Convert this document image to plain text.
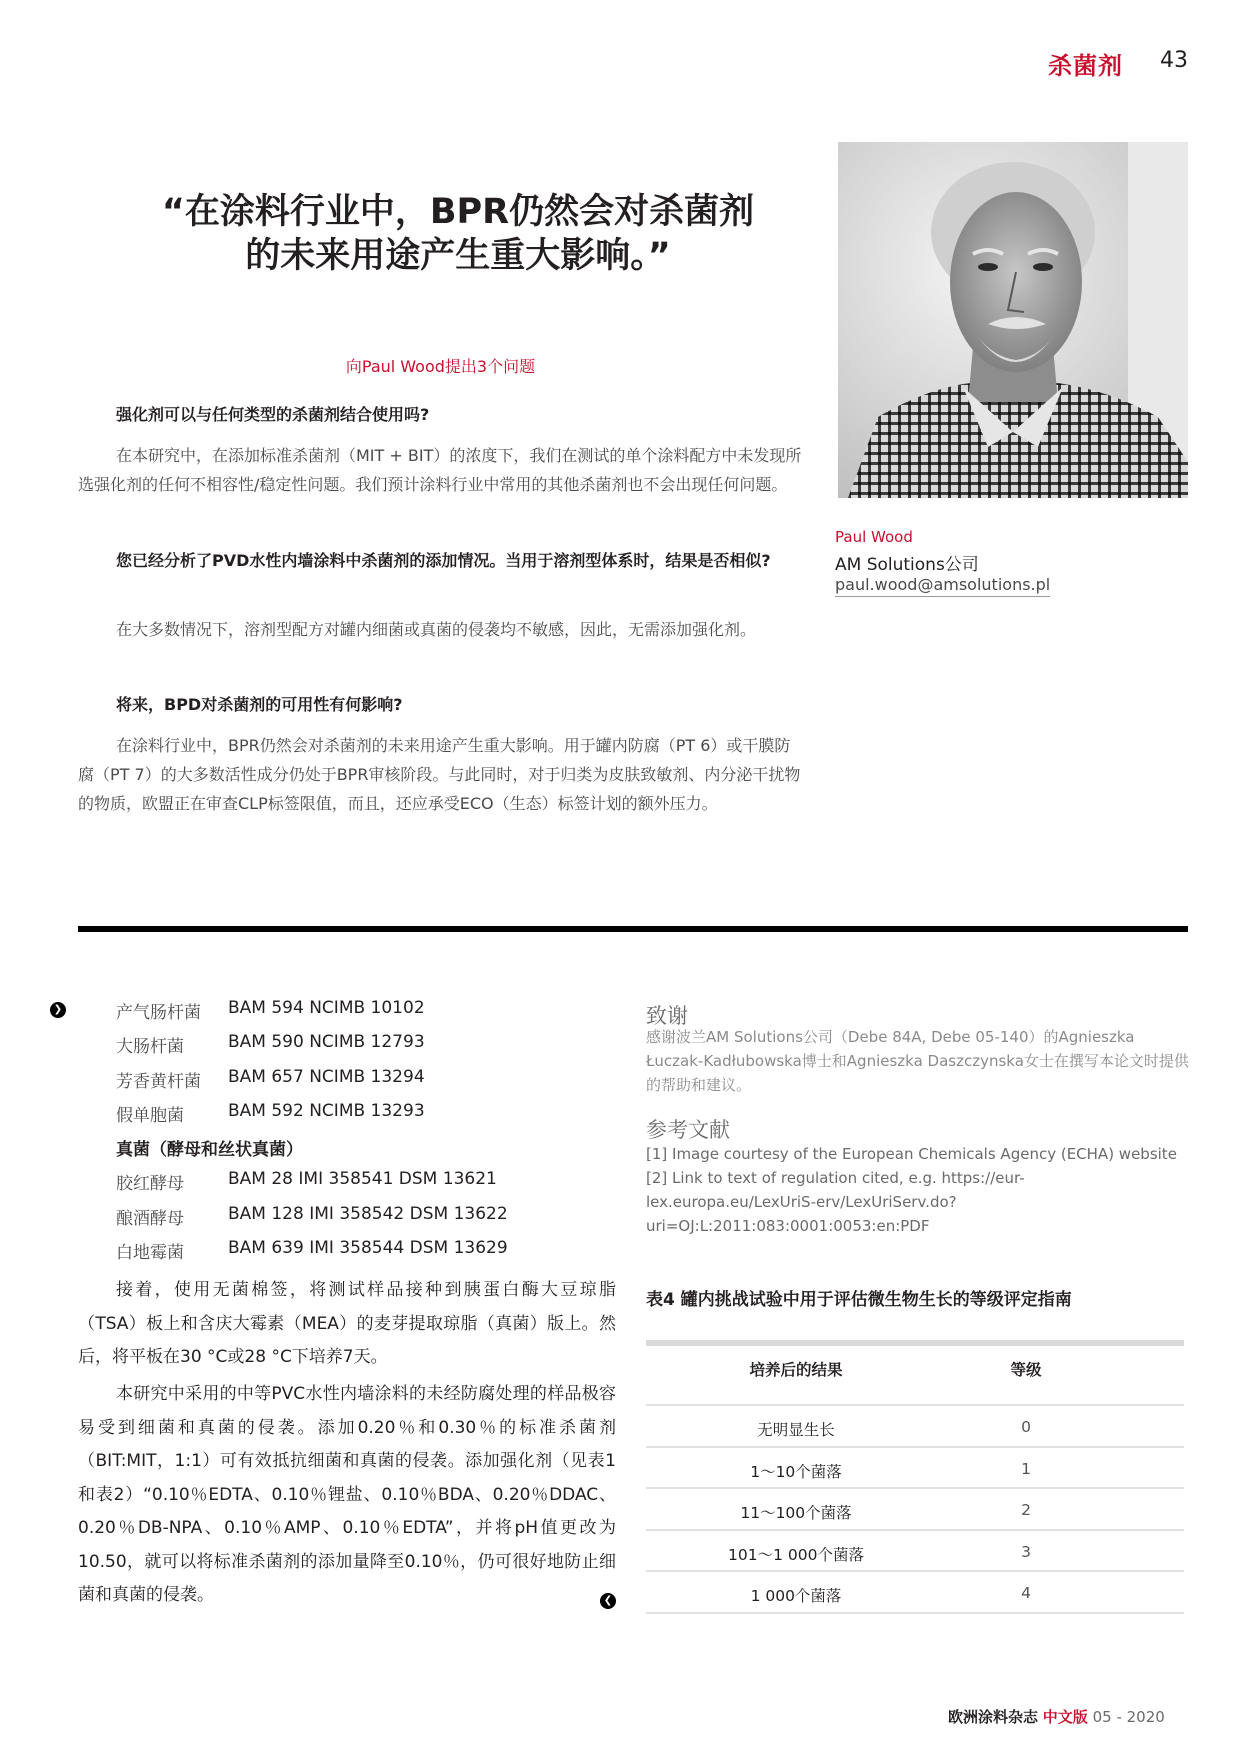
杀菌剂 43
“在涂料行业中，BPR仍然会对杀菌剂
的未来用途产生重大影响。”
向Paul Wood提出3个问题
强化剂可以与任何类型的杀菌剂结合使用吗?
在本研究中，在添加标准杀菌剂（MIT + BIT）的浓度下，我们在测试的单个涂料配方中未发现所选强化剂的任何不相容性/稳定性问题。我们预计涂料行业中常用的其他杀菌剂也不会出现任何问题。
您已经分析了PVD水性内墙涂料中杀菌剂的添加情况。当用于溶剂型体系时，结果是否相似?
在大多数情况下，溶剂型配方对罐内细菌或真菌的侵袭均不敏感，因此，无需添加强化剂。
将来，BPD对杀菌剂的可用性有何影响?
在涂料行业中，BPR仍然会对杀菌剂的未来用途产生重大影响。用于罐内防腐（PT 6）或干膜防腐（PT 7）的大多数活性成分仍处于BPR审核阶段。与此同时，对于归类为皮肤致敏剂、内分泌干扰物的物质，欧盟正在审查CLP标签限值，而且，还应承受ECO（生态）标签计划的额外压力。
Paul Wood
AM Solutions公司
paul.wood@amsolutions.pl
❯	产气肠杆菌 BAM 594 NCIMB 10102
大肠杆菌	BAM 590 NCIMB 12793
芳香黄杆菌 BAM 657 NCIMB 13294
假单胞菌	BAM 592 NCIMB 13293
真菌（酵母和丝状真菌）
胶红酵母	BAM 28 IMI 358541 DSM 13621
酿酒酵母	BAM 128 IMI 358542 DSM 13622
白地霉菌	BAM 639 IMI 358544 DSM 13629
接着，使用无菌棉签，将测试样品接种到胰蛋白酶大豆琼脂（TSA）板上和含庆大霉素（MEA）的麦芽提取琼脂（真菌）版上。然后，将平板在30 °C或28 °C下培养7天。
本研究中采用的中等PVC水性内墙涂料的未经防腐处理的样品极容易受到细菌和真菌的侵袭。添加0.20％和0.30％的标准杀菌剂（BIT:MIT，1:1）可有效抵抗细菌和真菌的侵袭。添加强化剂（见表1和表2）“0.10％EDTA、0.10％锂盐、0.10％BDA、0.20％DDAC、0.20％DB-NPA、0.10％AMP、0.10％EDTA”，并将pH值更改为10.50，就可以将标准杀菌剂的添加量降至0.10％，仍可很好地防止细菌和真菌的侵袭。	❮
致谢
感谢波兰AM Solutions公司（Debe 84A, Debe 05-140）的Agnieszka Łuczak-Kadłubowska博士和Agnieszka Daszczynska女士在撰写本论文时提供的帮助和建议。
参考文献
[1] Image courtesy of the European Chemicals Agency (ECHA) website
[2] Link to text of regulation cited, e.g. https://eur-lex.europa.eu/LexUriS-erv/LexUriServ.do?uri=OJ:L:2011:083:0001:0053:en:PDF
表4 罐内挑战试验中用于评估微生物生长的等级评定指南
培养后的结果	等级
无明显生长	0
1～10个菌落	1
11～100个菌落	2
101～1 000个菌落	3
1 000个菌落	4
欧洲涂料杂志 中文版 05 - 2020
